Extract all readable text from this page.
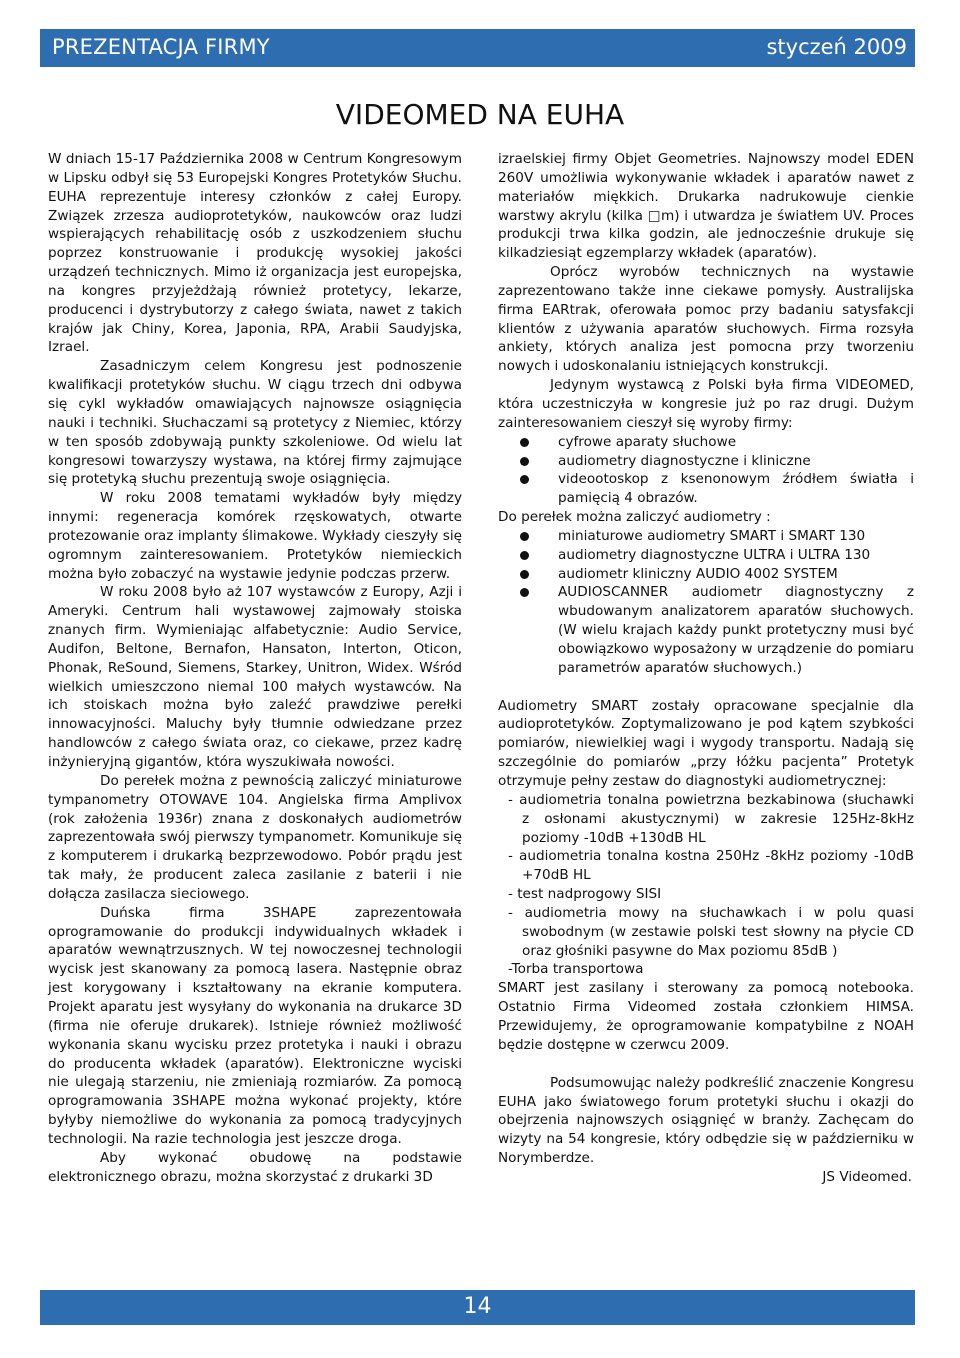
PREZENTACJA FIRMY	styczeń 2009
VIDEOMED NA EUHA

W dniach 15-17 Października 2008 w Centrum Kongresowym w Lipsku odbył się 53 Europejski Kongres Protetyków Słuchu. EUHA reprezentuje interesy członków z całej Europy. Związek zrzesza audioprotetyków, naukowców oraz ludzi wspierających rehabilitację osób z uszkodzeniem słuchu poprzez konstruowanie i produkcję wysokiej jakości urządzeń technicznych. Mimo iż organizacja jest europejska, na kongres przyjeżdżają również protetycy, lekarze, producenci i dystrybutorzy z całego świata, nawet z takich krajów jak Chiny, Korea, Japonia, RPA, Arabii Saudyjska, Izrael.

Zasadniczym celem Kongresu jest podnoszenie kwalifikacji protetyków słuchu. W ciągu trzech dni odbywa się cykl wykładów omawiających najnowsze osiągnięcia nauki i techniki. Słuchaczami są protetycy z Niemiec, którzy w ten sposób zdobywają punkty szkoleniowe. Od wielu lat kongresowi towarzyszy wystawa, na której firmy zajmujące się protetyką słuchu prezentują swoje osiągnięcia.

W roku 2008 tematami wykładów były między innymi: regeneracja komórek rzęskowatych, otwarte protezowanie oraz implanty ślimakowe. Wykłady cieszyły się ogromnym zainteresowaniem. Protetyków niemieckich można było zobaczyć na wystawie jedynie podczas przerw.

W roku 2008 było aż 107 wystawców z Europy, Azji i Ameryki. Centrum hali wystawowej zajmowały stoiska znanych firm. Wymieniając alfabetycznie: Audio Service, Audifon, Beltone, Bernafon, Hansaton, Interton, Oticon, Phonak, ReSound, Siemens, Starkey, Unitron, Widex. Wśród wielkich umieszczono niemal 100 małych wystawców. Na ich stoiskach można było zaleźć prawdziwe perełki innowacyjności. Maluchy były tłumnie odwiedzane przez handlowców z całego świata oraz, co ciekawe, przez kadrę inżynieryjną gigantów, która wyszukiwała nowości.

Do perełek można z pewnością zaliczyć miniaturowe tympanometry OTOWAVE 104. Angielska firma Amplivox (rok założenia 1936r) znana z doskonałych audiometrów zaprezentowała swój pierwszy tympanometr. Komunikuje się z komputerem i drukarką bezprzewodowo. Pobór prądu jest tak mały, że producent zaleca zasilanie z baterii i nie dołącza zasilacza sieciowego.

Duńska firma 3SHAPE zaprezentowała oprogramowanie do produkcji indywidualnych wkładek i aparatów wewnątrzusznych. W tej nowoczesnej technologii wycisk jest skanowany za pomocą lasera. Następnie obraz jest korygowany i kształtowany na ekranie komputera. Projekt aparatu jest wysyłany do wykonania na drukarce 3D (firma nie oferuje drukarek). Istnieje również możliwość wykonania skanu wycisku przez protetyka i nauki i obrazu do producenta wkładek (aparatów). Elektroniczne wyciski nie ulegają starzeniu, nie zmieniają rozmiarów. Za pomocą oprogramowania 3SHAPE można wykonać projekty, które byłyby niemożliwe do wykonania za pomocą tradycyjnych technologii. Na razie technologia jest jeszcze droga.

Aby wykonać obudowę na podstawie elektronicznego obrazu, można skorzystać z drukarki 3D

izraelskiej firmy Objet Geometries. Najnowszy model EDEN 260V umożliwia wykonywanie wkładek i aparatów nawet z materiałów miękkich. Drukarka nadrukowuje cienkie warstwy akrylu (kilka □m) i utwardza je światłem UV. Proces produkcji trwa kilka godzin, ale jednocześnie drukuje się kilkadziesiąt egzemplarzy wkładek (aparatów).

Oprócz wyrobów technicznych na wystawie zaprezentowano także inne ciekawe pomysły. Australijska firma EARtrak, oferowała pomoc przy badaniu satysfakcji klientów z używania aparatów słuchowych. Firma rozsyła ankiety, których analiza jest pomocna przy tworzeniu nowych i udoskonalaniu istniejących konstrukcji.

Jedynym wystawcą z Polski była firma VIDEOMED, która uczestniczyła w kongresie już po raz drugi. Dużym zainteresowaniem cieszył się wyroby firmy:

cyfrowe aparaty słuchowe
audiometry diagnostyczne i kliniczne
videootoskop z ksenonowym źródłem światła i pamięcią 4 obrazów.

Do perełek można zaliczyć audiometry :

miniaturowe audiometry SMART i SMART 130
audiometry diagnostyczne ULTRA i ULTRA 130
audiometr kliniczny AUDIO 4002 SYSTEM
AUDIOSCANNER audiometr diagnostyczny z wbudowanym analizatorem aparatów słuchowych. (W wielu krajach każdy punkt protetyczny musi być obowiązkowo wyposażony w urządzenie do pomiaru parametrów aparatów słuchowych.)

Audiometry SMART zostały opracowane specjalnie dla audioprotetyków. Zoptymalizowano je pod kątem szybkości pomiarów, niewielkiej wagi i wygody transportu. Nadają się szczególnie do pomiarów „przy łóżku pacjenta” Protetyk otrzymuje pełny zestaw do diagnostyki audiometrycznej:

- audiometria tonalna powietrzna bezkabinowa (słuchawki z osłonami akustycznymi) w zakresie 125Hz-8kHz poziomy -10dB +130dB HL
- audiometria tonalna kostna 250Hz -8kHz poziomy -10dB +70dB HL
- test nadprogowy SISI
- audiometria mowy na słuchawkach i w polu quasi swobodnym (w zestawie polski test słowny na płycie CD oraz głośniki pasywne do Max poziomu 85dB )
-Torba transportowa

SMART jest zasilany i sterowany za pomocą notebooka. Ostatnio Firma Videomed została członkiem HIMSA. Przewidujemy, że oprogramowanie kompatybilne z NOAH będzie dostępne w czerwcu 2009.

Podsumowując należy podkreślić znaczenie Kongresu EUHA jako światowego forum protetyki słuchu i okazji do obejrzenia najnowszych osiągnięć w branży. Zachęcam do wizyty na 54 kongresie, który odbędzie się w październiku w Norymberdze.

JS Videomed.

14
